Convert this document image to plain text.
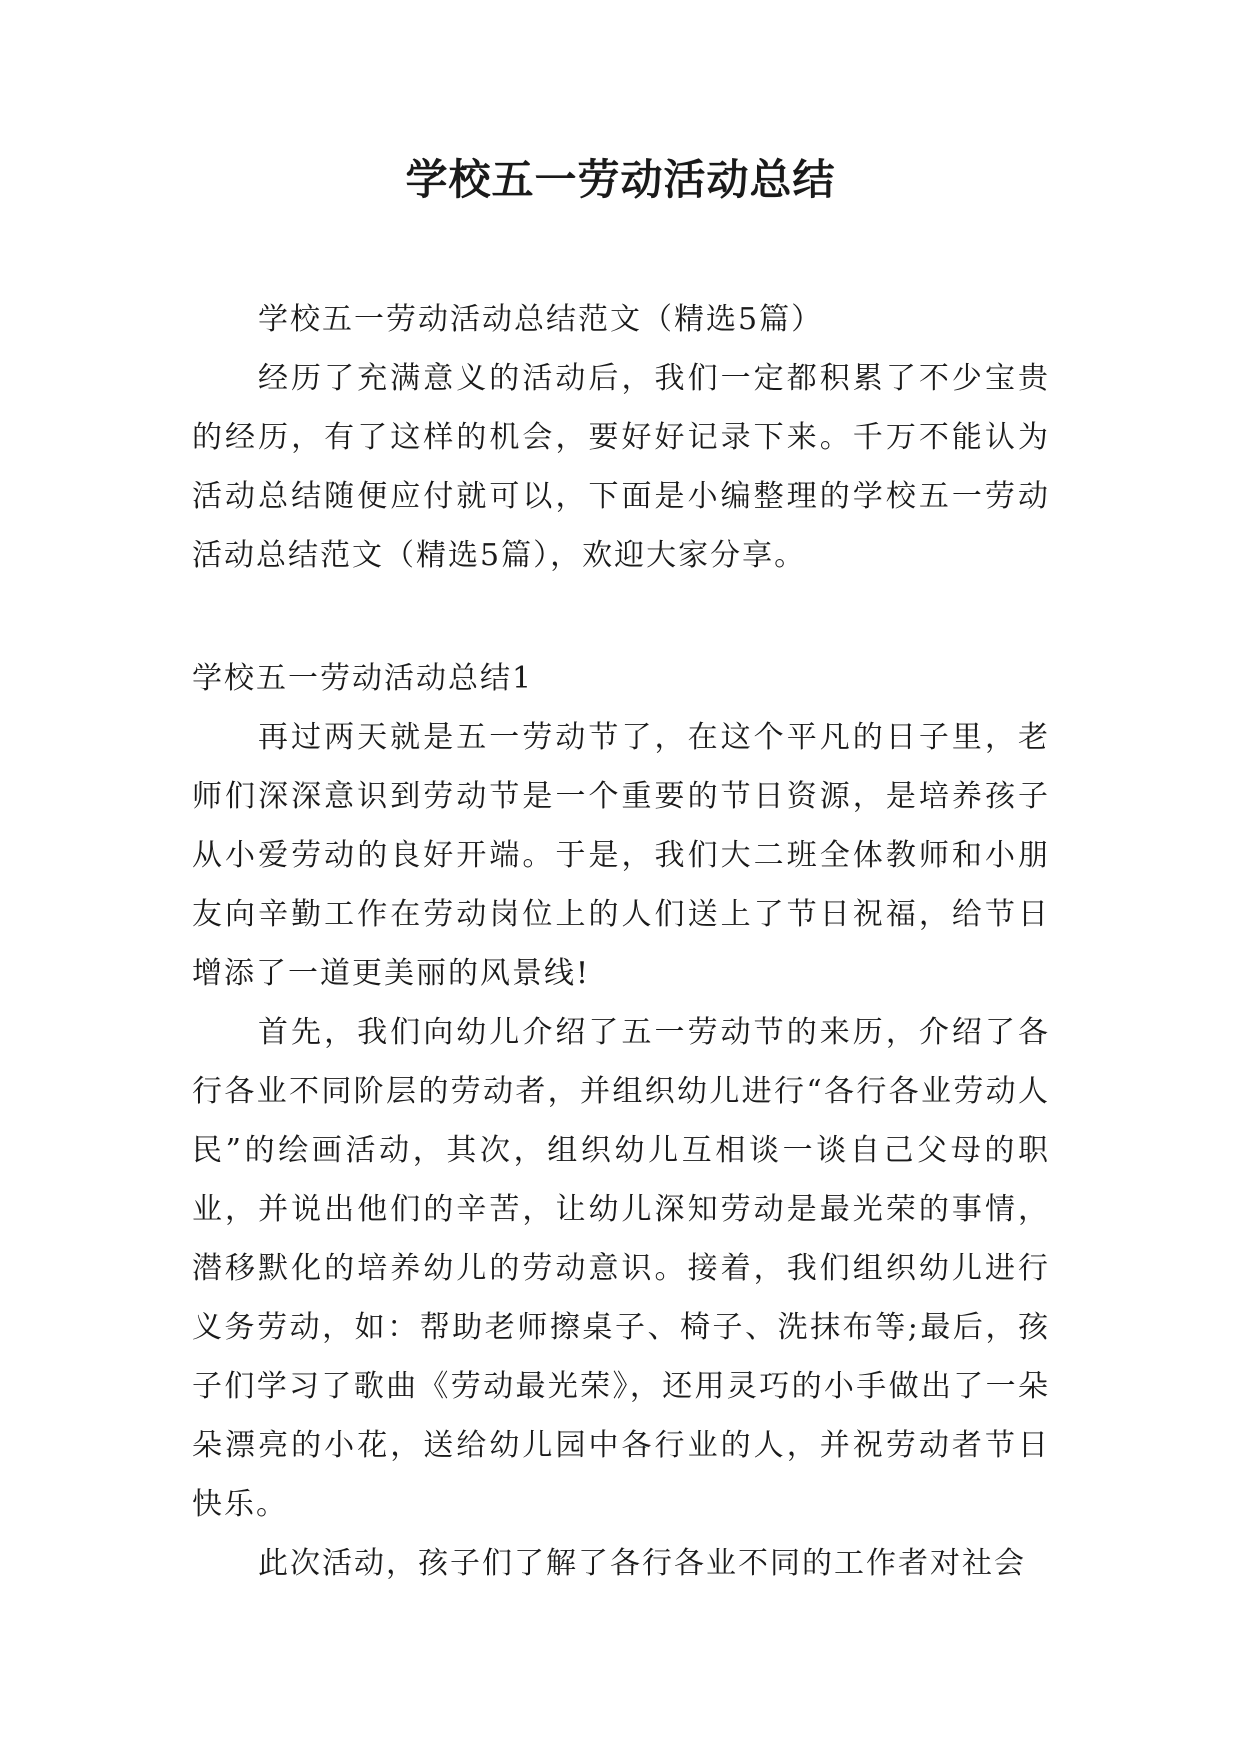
学校五一劳动活动总结

学校五一劳动活动总结范文（精选5篇）

经历了充满意义的活动后，我们一定都积累了不少宝贵的经历，有了这样的机会，要好好记录下来。千万不能认为活动总结随便应付就可以，下面是小编整理的学校五一劳动活动总结范文（精选5篇），欢迎大家分享。

学校五一劳动活动总结1

再过两天就是五一劳动节了，在这个平凡的日子里，老师们深深意识到劳动节是一个重要的节日资源，是培养孩子从小爱劳动的良好开端。于是，我们大二班全体教师和小朋友向辛勤工作在劳动岗位上的人们送上了节日祝福，给节日增添了一道更美丽的风景线!

首先，我们向幼儿介绍了五一劳动节的来历，介绍了各行各业不同阶层的劳动者，并组织幼儿进行“各行各业劳动人民”的绘画活动，其次，组织幼儿互相谈一谈自己父母的职业，并说出他们的辛苦，让幼儿深知劳动是最光荣的事情，潜移默化的培养幼儿的劳动意识。接着，我们组织幼儿进行义务劳动，如：帮助老师擦桌子、椅子、洗抹布等;最后，孩子们学习了歌曲《劳动最光荣》，还用灵巧的小手做出了一朵朵漂亮的小花，送给幼儿园中各行业的人，并祝劳动者节日快乐。

此次活动，孩子们了解了各行各业不同的工作者对社会
